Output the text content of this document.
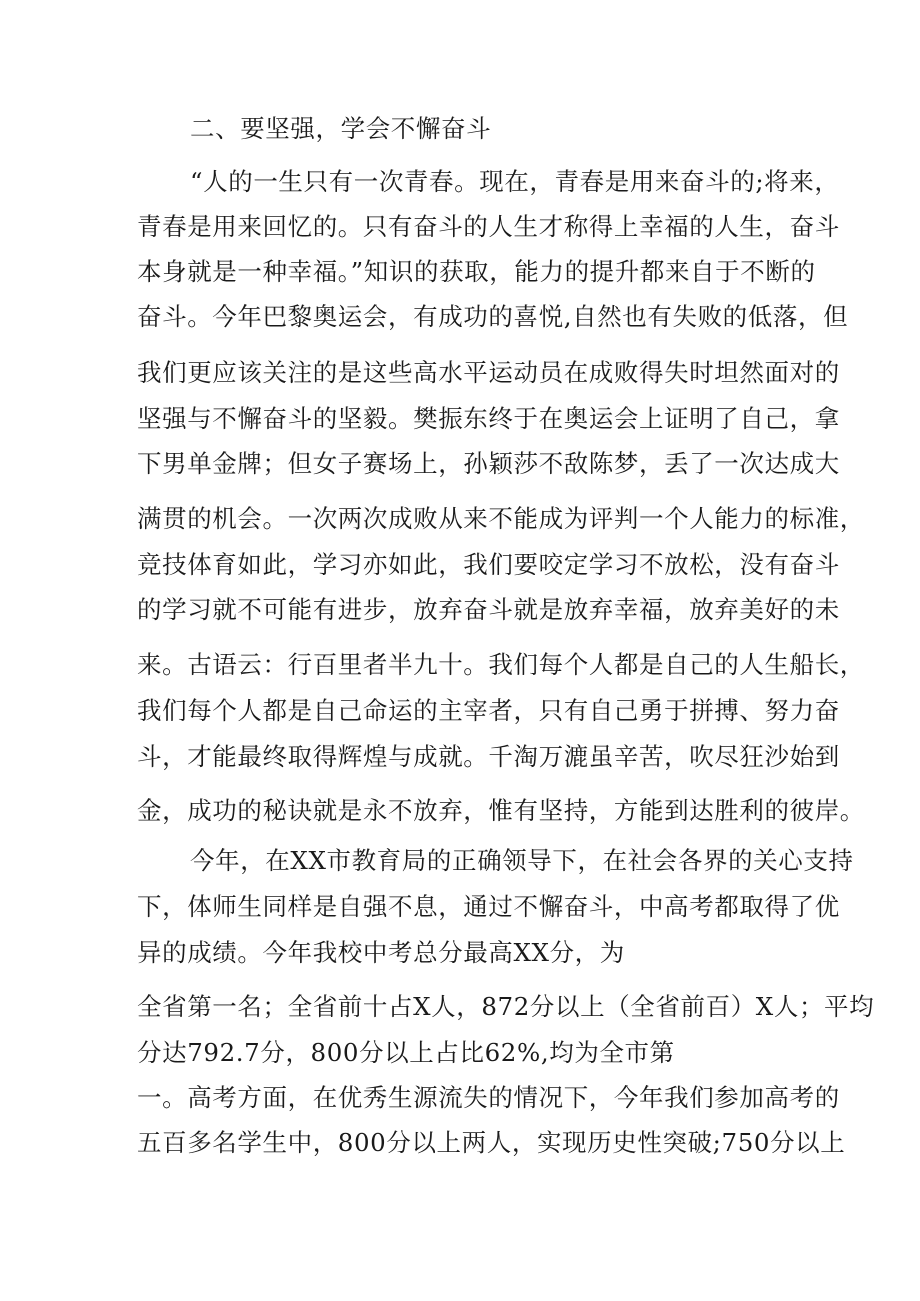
二、要坚强，学会不懈奋斗
“人的一生只有一次青春。现在，青春是用来奋斗的;将来，
青春是用来回忆的。只有奋斗的人生才称得上幸福的人生，奋斗
本身就是一种幸福。”知识的获取，能力的提升都来自于不断的
奋斗。今年巴黎奥运会，有成功的喜悦,自然也有失败的低落，但
我们更应该关注的是这些高水平运动员在成败得失时坦然面对的
坚强与不懈奋斗的坚毅。樊振东终于在奥运会上证明了自己，拿
下男单金牌；但女子赛场上，孙颖莎不敌陈梦，丢了一次达成大
满贯的机会。一次两次成败从来不能成为评判一个人能力的标准，
竞技体育如此，学习亦如此，我们要咬定学习不放松，没有奋斗
的学习就不可能有进步，放弃奋斗就是放弃幸福，放弃美好的未
来。古语云：行百里者半九十。我们每个人都是自己的人生船长，
我们每个人都是自己命运的主宰者，只有自己勇于拼搏、努力奋
斗，才能最终取得辉煌与成就。千淘万漉虽辛苦，吹尽狂沙始到
金，成功的秘诀就是永不放弃，惟有坚持，方能到达胜利的彼岸。
今年，在XX市教育局的正确领导下，在社会各界的关心支持
下，体师生同样是自强不息，通过不懈奋斗，中高考都取得了优
异的成绩。今年我校中考总分最高XX分，为
全省第一名；全省前十占X人，872分以上（全省前百）X人；平均
分达792.7分，800分以上占比62%,均为全市第
一。高考方面，在优秀生源流失的情况下，今年我们参加高考的
五百多名学生中，800分以上两人，实现历史性突破;750分以上
